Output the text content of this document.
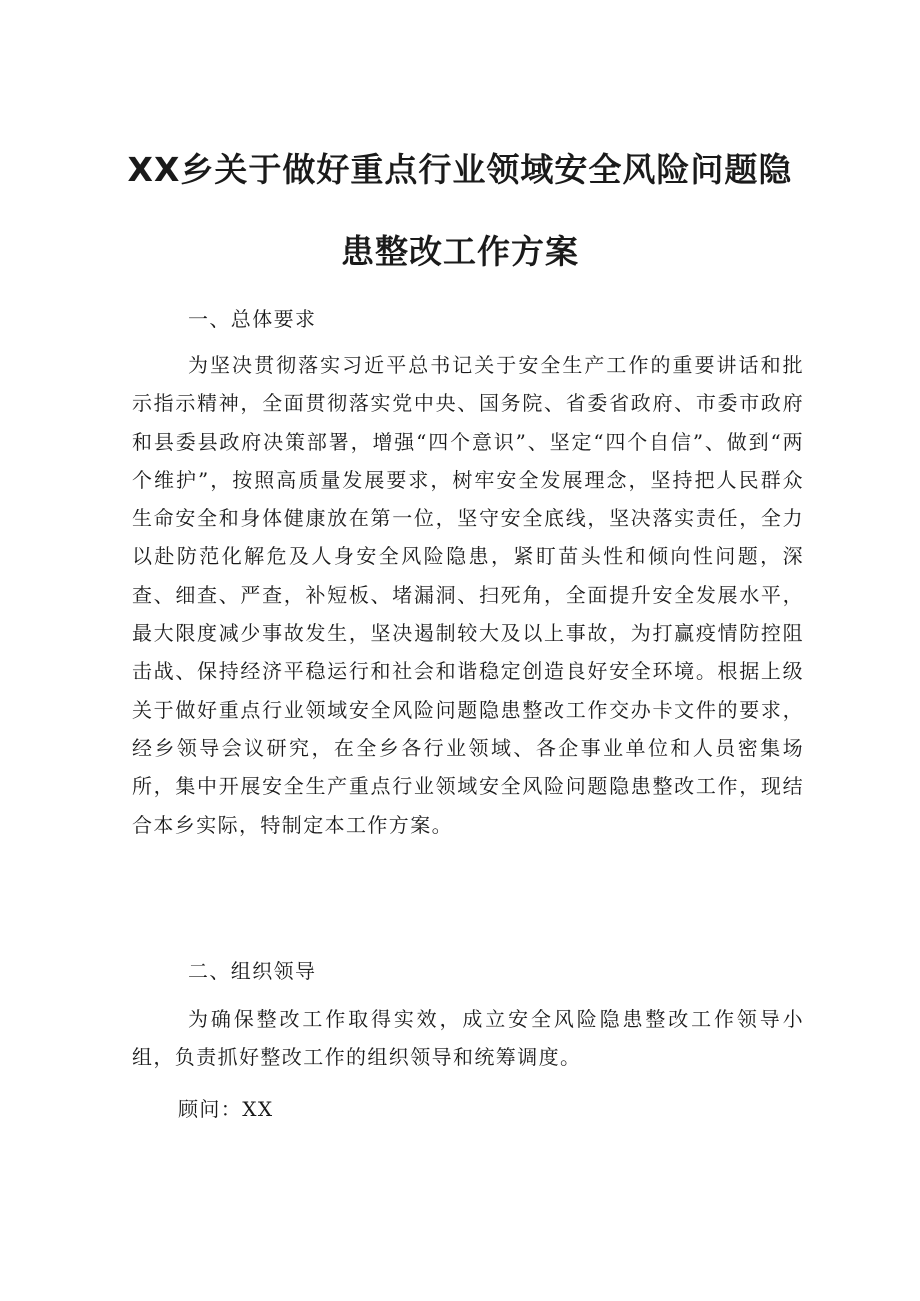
XX乡关于做好重点行业领域安全风险问题隐
患整改工作方案

一、总体要求

为坚决贯彻落实习近平总书记关于安全生产工作的重要讲话和批示指示精神，全面贯彻落实党中央、国务院、省委省政府、市委市政府和县委县政府决策部署，增强“四个意识”、坚定“四个自信”、做到“两个维护”，按照高质量发展要求，树牢安全发展理念，坚持把人民群众生命安全和身体健康放在第一位，坚守安全底线，坚决落实责任，全力以赴防范化解危及人身安全风险隐患，紧盯苗头性和倾向性问题，深查、细查、严查，补短板、堵漏洞、扫死角，全面提升安全发展水平，最大限度减少事故发生，坚决遏制较大及以上事故，为打赢疫情防控阻击战、保持经济平稳运行和社会和谐稳定创造良好安全环境。根据上级关于做好重点行业领域安全风险问题隐患整改工作交办卡文件的要求，经乡领导会议研究，在全乡各行业领域、各企事业单位和人员密集场所，集中开展安全生产重点行业领域安全风险问题隐患整改工作，现结合本乡实际，特制定本工作方案。

二、组织领导

为确保整改工作取得实效，成立安全风险隐患整改工作领导小组，负责抓好整改工作的组织领导和统筹调度。

顾问：XX
